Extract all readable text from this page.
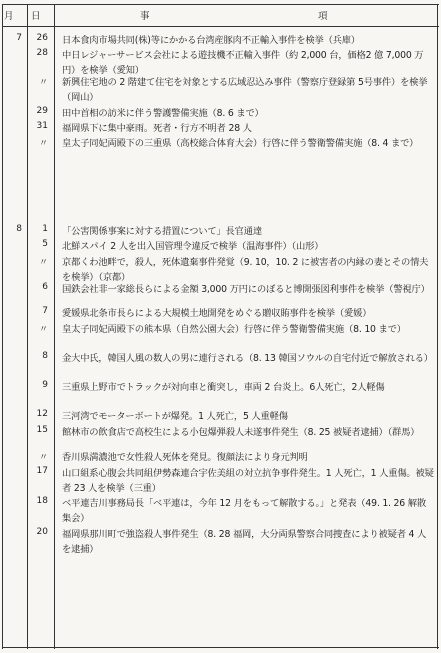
月 日	事	項
7	26 日本食肉市場共同(株)等にかかる台湾産豚肉不正輸入事件を検挙（兵庫）
28 中日レジャーサービス会社による遊技機不正輸入事件（約 2,000 台，価格2 億 7,000 万円）を検挙（愛知）
〃 新興住宅地の 2 階建て住宅を対象とする広域忍込み事件（警察庁登録第 5号事件）を検挙（岡山）
29 田中首相の訪米に伴う警護警備実施（8. 6 まで）
31 福岡県下に集中豪雨。死者・行方不明者 28 人
〃 皇太子同妃両殿下の三重県（高校総合体育大会）行啓に伴う警衛警備実施（8. 4 まで）
8	1 「公害関係事案に対する措置について」長官通達
5 北鮮スパイ 2 人を出入国管理令違反で検挙（温海事件）（山形）
〃 京都くわ池畔で，殺人，死体遺棄事件発覚（9. 10，10. 2 に被害者の内縁の妻とその情夫を検挙）（京都）
6 国鉄会社非一家総長らによる金額 3,000 万円にのぼると博開張図利事件を検挙（警視庁）
7 愛媛県北条市長らによる大規模土地開発をめぐる贈収賄事件を検挙（愛媛）
〃 皇太子同妃両殿下の熊本県（自然公園大会）行啓に伴う警衛警備実施（8. 10 まで）
8 金大中氏，韓国人風の数人の男に連行される（8. 13 韓国ソウルの自宅付近で解放される）
9 三重県上野市でトラックが対向車と衝突し，車両 2 台炎上。6人死亡，2人軽傷
12 三河湾でモーターボートが爆発。1 人死亡，5 人重軽傷
15 館林市の飲食店で高校生による小包爆弾殺人未遂事件発生（8. 25 被疑者逮捕）（群馬）
〃 香川県満濃池で女性殺人死体を発見。復顔法により身元判明
17 山口組系心腹会共同組伊勢森連合宇佐美組の対立抗争事件発生。1 人死亡，1 人重傷。被疑者 23 人を検挙（三重）
18 ベ平連吉川事務局長「ベ平連は，今年 12 月をもって解散する。」と発表（49. 1. 26 解散集会）
20 福岡県那川町で強盗殺人事件発生（8. 28 福岡，大分両県警察合同捜査により被疑者 4 人を逮捕）
